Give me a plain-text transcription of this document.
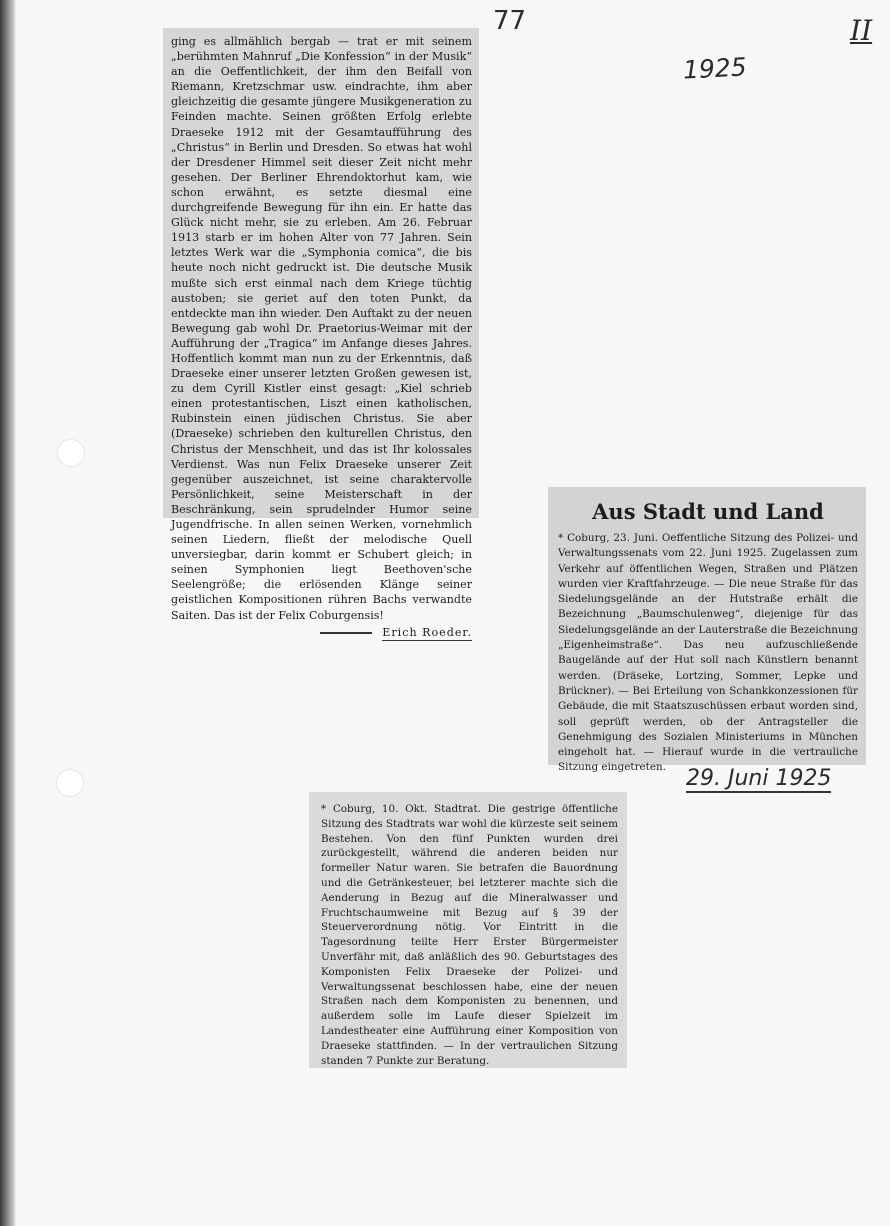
77	II
1925

ging es allmählich bergab — trat er mit seinem „berühmten Mahnruf „Die Konfession“ in der Musik“ an die Oeffentlichkeit, der ihm den Beifall von Riemann, Kretzschmar usw. eindrachte, ihm aber gleichzeitig die gesamte jüngere Musikgeneration zu Feinden machte. Seinen größten Erfolg erlebte Draeseke 1912 mit der Gesamtaufführung des „Christus“ in Berlin und Dresden. So etwas hat wohl der Dresdener Himmel seit dieser Zeit nicht mehr gesehen. Der Berliner Ehrendoktorhut kam, wie schon erwähnt, es setzte diesmal eine durchgreifende Bewegung für ihn ein. Er hatte das Glück nicht mehr, sie zu erleben. Am 26. Februar 1913 starb er im hohen Alter von 77 Jahren. Sein letztes Werk war die „Symphonia comica“, die bis heute noch nicht gedruckt ist. Die deutsche Musik mußte sich erst einmal nach dem Kriege tüchtig austoben; sie geriet auf den toten Punkt, da entdeckte man ihn wieder. Den Auftakt zu der neuen Bewegung gab wohl Dr. Praetorius-Weimar mit der Aufführung der „Tragica“ im Anfange dieses Jahres. Hoffentlich kommt man nun zu der Erkenntnis, daß Draeseke einer unserer letzten Großen gewesen ist, zu dem Cyrill Kistler einst gesagt: „Kiel schrieb einen protestantischen, Liszt einen katholischen, Rubinstein einen jüdischen Christus. Sie aber (Draeseke) schrieben den kulturellen Christus, den Christus der Menschheit, und das ist Ihr kolossales Verdienst. Was nun Felix Draeseke unserer Zeit gegenüber auszeichnet, ist seine charaktervolle Persönlichkeit, seine Meisterschaft in der Beschränkung, sein sprudelnder Humor seine Jugendfrische. In allen seinen Werken, vornehmlich seinen Liedern, fließt der melodische Quell unversiegbar, darin kommt er Schubert gleich; in seinen Symphonien liegt Beethoven'sche Seelengröße; die erlösenden Klänge seiner geistlichen Kompositionen rühren Bachs verwandte Saiten. Das ist der Felix Coburgensis!

Erich Roeder.
Aus Stadt und Land

* Coburg, 23. Juni. Oeffentliche Sitzung des Polizei- und Verwaltungssenats vom 22. Juni 1925. Zugelassen zum Verkehr auf öffentlichen Wegen, Straßen und Plätzen wurden vier Kraftfahrzeuge. — Die neue Straße für das Siedelungsgelände an der Hutstraße erhält die Bezeichnung „Baumschulenweg“, diejenige für das Siedelungsgelände an der Lauterstraße die Bezeichnung „Eigenheimstraße“. Das neu aufzuschließende Baugelände auf der Hut soll nach Künstlern benannt werden. (Dräseke, Lortzing, Sommer, Lepke und Brückner). — Bei Erteilung von Schankkonzessionen für Gebäude, die mit Staatszuschüssen erbaut worden sind, soll geprüft werden, ob der Antragsteller die Genehmigung des Sozialen Ministeriums in München eingeholt hat. — Hierauf wurde in die vertrauliche Sitzung eingetreten. 29. Juni 1925

* Coburg, 10. Okt. Stadtrat. Die gestrige öffentliche Sitzung des Stadtrats war wohl die kürzeste seit seinem Bestehen. Von den fünf Punkten wurden drei zurückgestellt, während die anderen beiden nur formeller Natur waren. Sie betrafen die Bauordnung und die Getränkesteuer, bei letzterer machte sich die Aenderung in Bezug auf die Mineralwasser und Fruchtschaumweine mit Bezug auf § 39 der Steuerverordnung nötig. Vor Eintritt in die Tagesordnung teilte Herr Erster Bürgermeister Unverfähr mit, daß anläßlich des 90. Geburtstages des Komponisten Felix Draeseke der Polizei- und Verwaltungssenat beschlossen habe, eine der neuen Straßen nach dem Komponisten zu benennen, und außerdem solle im Laufe dieser Spielzeit im Landestheater eine Aufführung einer Komposition von Draeseke stattfinden. — In der vertraulichen Sitzung standen 7 Punkte zur Beratung.
